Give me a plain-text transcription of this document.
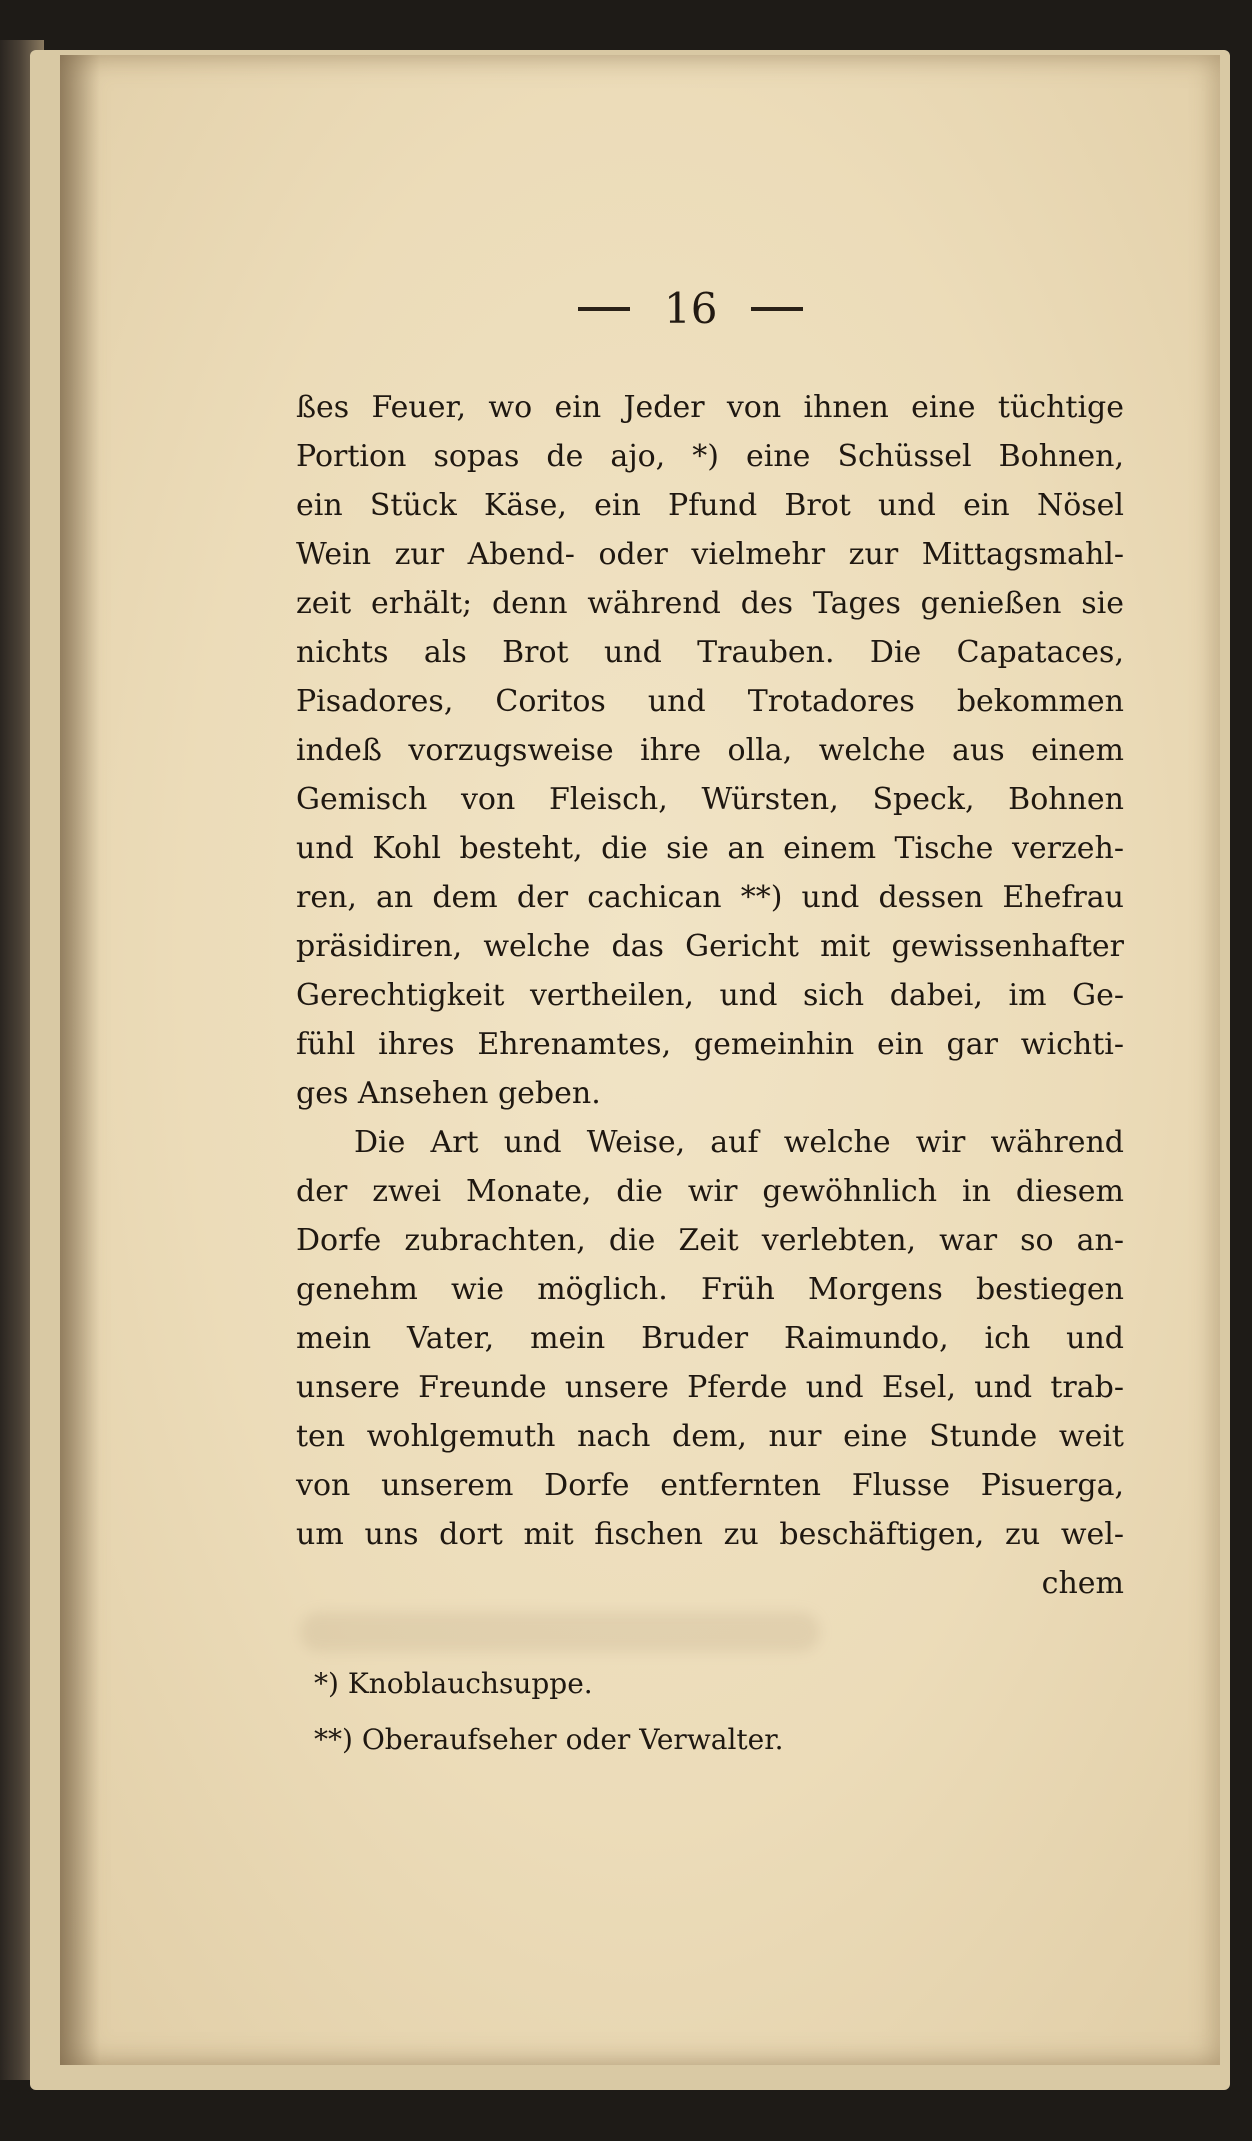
16
ßes Feuer, wo ein Jeder von ihnen eine tüchtige
Portion sopas de ajo, *) eine Schüssel Bohnen,
ein Stück Käse, ein Pfund Brot und ein Nösel
Wein zur Abend- oder vielmehr zur Mittagsmahl-
zeit erhält; denn während des Tages genießen sie
nichts als Brot und Trauben. Die Capataces,
Pisadores, Coritos und Trotadores bekommen
indeß vorzugsweise ihre olla, welche aus einem
Gemisch von Fleisch, Würsten, Speck, Bohnen
und Kohl besteht, die sie an einem Tische verzeh-
ren, an dem der cachican **) und dessen Ehefrau
präsidiren, welche das Gericht mit gewissenhafter
Gerechtigkeit vertheilen, und sich dabei, im Ge-
fühl ihres Ehrenamtes, gemeinhin ein gar wichti-
ges Ansehen geben.
Die Art und Weise, auf welche wir während
der zwei Monate, die wir gewöhnlich in diesem
Dorfe zubrachten, die Zeit verlebten, war so an-
genehm wie möglich. Früh Morgens bestiegen
mein Vater, mein Bruder Raimundo, ich und
unsere Freunde unsere Pferde und Esel, und trab-
ten wohlgemuth nach dem, nur eine Stunde weit
von unserem Dorfe entfernten Flusse Pisuerga,
um uns dort mit fischen zu beschäftigen, zu wel-
chem
*) Knoblauchsuppe.
**) Oberaufseher oder Verwalter.
